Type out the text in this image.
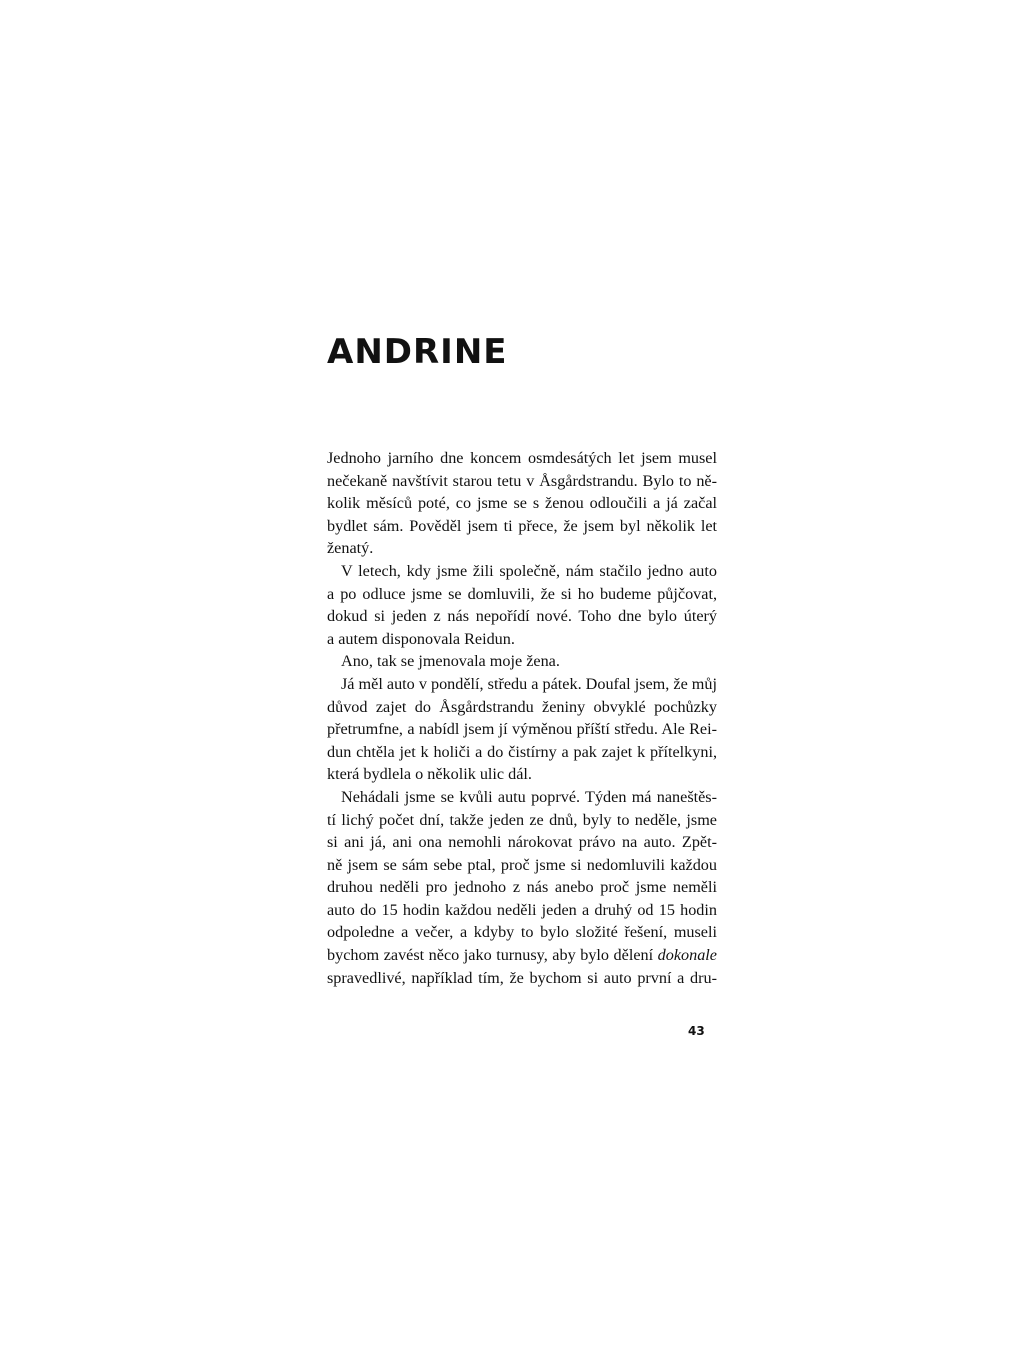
ANDRINE
Jednoho jarního dne koncem osmdesátých let jsem musel
nečekaně navštívit starou tetu v Åsgårdstrandu. Bylo to ně-
kolik měsíců poté, co jsme se s ženou odloučili a já začal
bydlet sám. Pověděl jsem ti přece, že jsem byl několik let
ženatý.
V letech, kdy jsme žili společně, nám stačilo jedno auto
a po odluce jsme se domluvili, že si ho budeme půjčovat,
dokud si jeden z nás nepořídí nové. Toho dne bylo úterý
a autem disponovala Reidun.
Ano, tak se jmenovala moje žena.
Já měl auto v pondělí, středu a pátek. Doufal jsem, že můj
důvod zajet do Åsgårdstrandu ženiny obvyklé pochůzky
přetrumfne, a nabídl jsem jí výměnou příští středu. Ale Rei-
dun chtěla jet k holiči a do čistírny a pak zajet k přítelkyni,
která bydlela o několik ulic dál.
Nehádali jsme se kvůli autu poprvé. Týden má naneštěs-
tí lichý počet dní, takže jeden ze dnů, byly to neděle, jsme
si ani já, ani ona nemohli nárokovat právo na auto. Zpět-
ně jsem se sám sebe ptal, proč jsme si nedomluvili každou
druhou neděli pro jednoho z nás anebo proč jsme neměli
auto do 15 hodin každou neděli jeden a druhý od 15 hodin
odpoledne a večer, a kdyby to bylo složité řešení, museli
bychom zavést něco jako turnusy, aby bylo dělení dokonale
spravedlivé, například tím, že bychom si auto první a dru-
43
